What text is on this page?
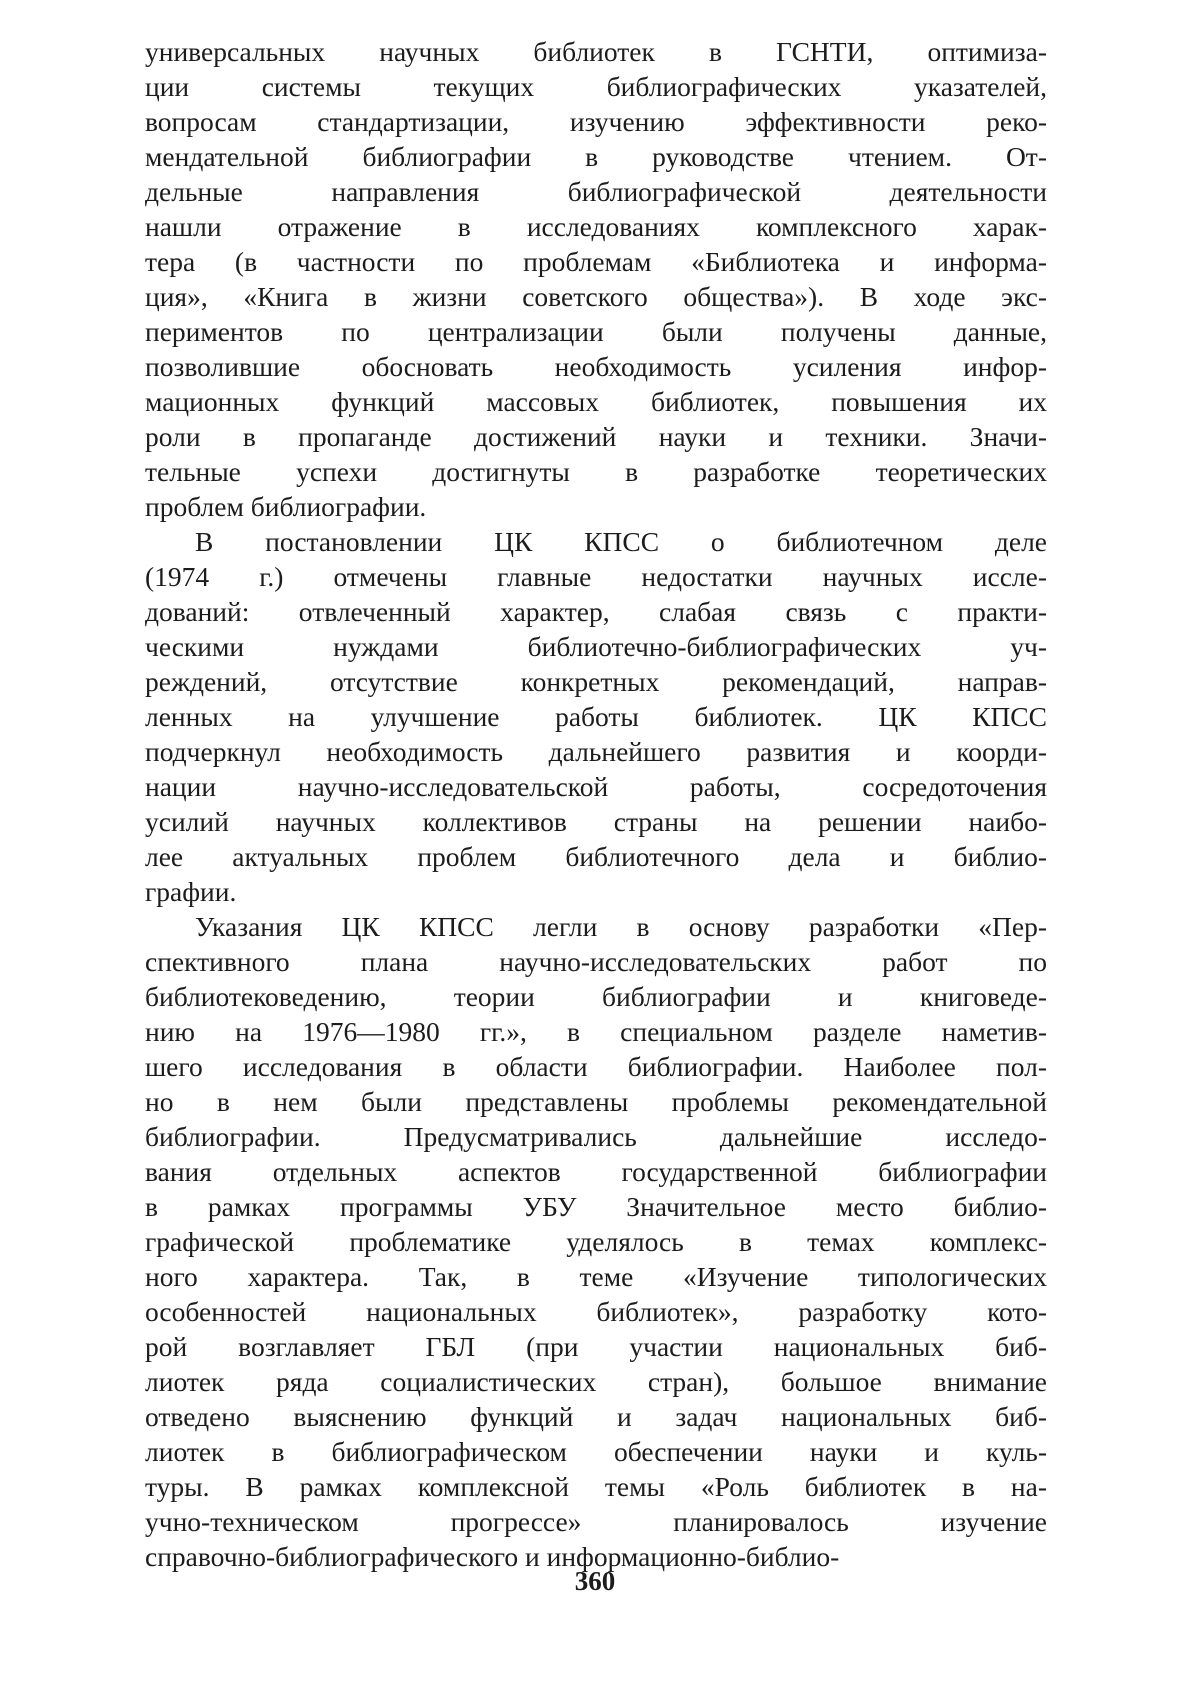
универсальных научных библиотек в ГСНТИ, оптимиза-
ции системы текущих библиографических указателей,
вопросам стандартизации, изучению эффективности реко-
мендательной библиографии в руководстве чтением. От-
дельные направления библиографической деятельности
нашли отражение в исследованиях комплексного харак-
тера (в частности по проблемам «Библиотека и информа-
ция», «Книга в жизни советского общества»). В ходе экс-
периментов по централизации были получены данные,
позволившие обосновать необходимость усиления инфор-
мационных функций массовых библиотек, повышения их
роли в пропаганде достижений науки и техники. Значи-
тельные успехи достигнуты в разработке теоретических
проблем библиографии.
В постановлении ЦК КПСС о библиотечном деле
(1974 г.) отмечены главные недостатки научных иссле-
дований: отвлеченный характер, слабая связь с практи-
ческими нуждами библиотечно-библиографических уч-
реждений, отсутствие конкретных рекомендаций, направ-
ленных на улучшение работы библиотек. ЦК КПСС
подчеркнул необходимость дальнейшего развития и коорди-
нации научно-исследовательской работы, сосредоточения
усилий научных коллективов страны на решении наибо-
лее актуальных проблем библиотечного дела и библио-
графии.
Указания ЦК КПСС легли в основу разработки «Пер-
спективного плана научно-исследовательских работ по
библиотековедению, теории библиографии и книговеде-
нию на 1976—1980 гг.», в специальном разделе наметив-
шего исследования в области библиографии. Наиболее пол-
но в нем были представлены проблемы рекомендательной
библиографии. Предусматривались дальнейшие исследо-
вания отдельных аспектов государственной библиографии
в рамках программы УБУ Значительное место библио-
графической проблематике уделялось в темах комплекс-
ного характера. Так, в теме «Изучение типологических
особенностей национальных библиотек», разработку кото-
рой возглавляет ГБЛ (при участии национальных биб-
лиотек ряда социалистических стран), большое внимание
отведено выяснению функций и задач национальных биб-
лиотек в библиографическом обеспечении науки и куль-
туры. В рамках комплексной темы «Роль библиотек в на-
учно-техническом прогрессе» планировалось изучение
справочно-библиографического и информационно-библио-
360
